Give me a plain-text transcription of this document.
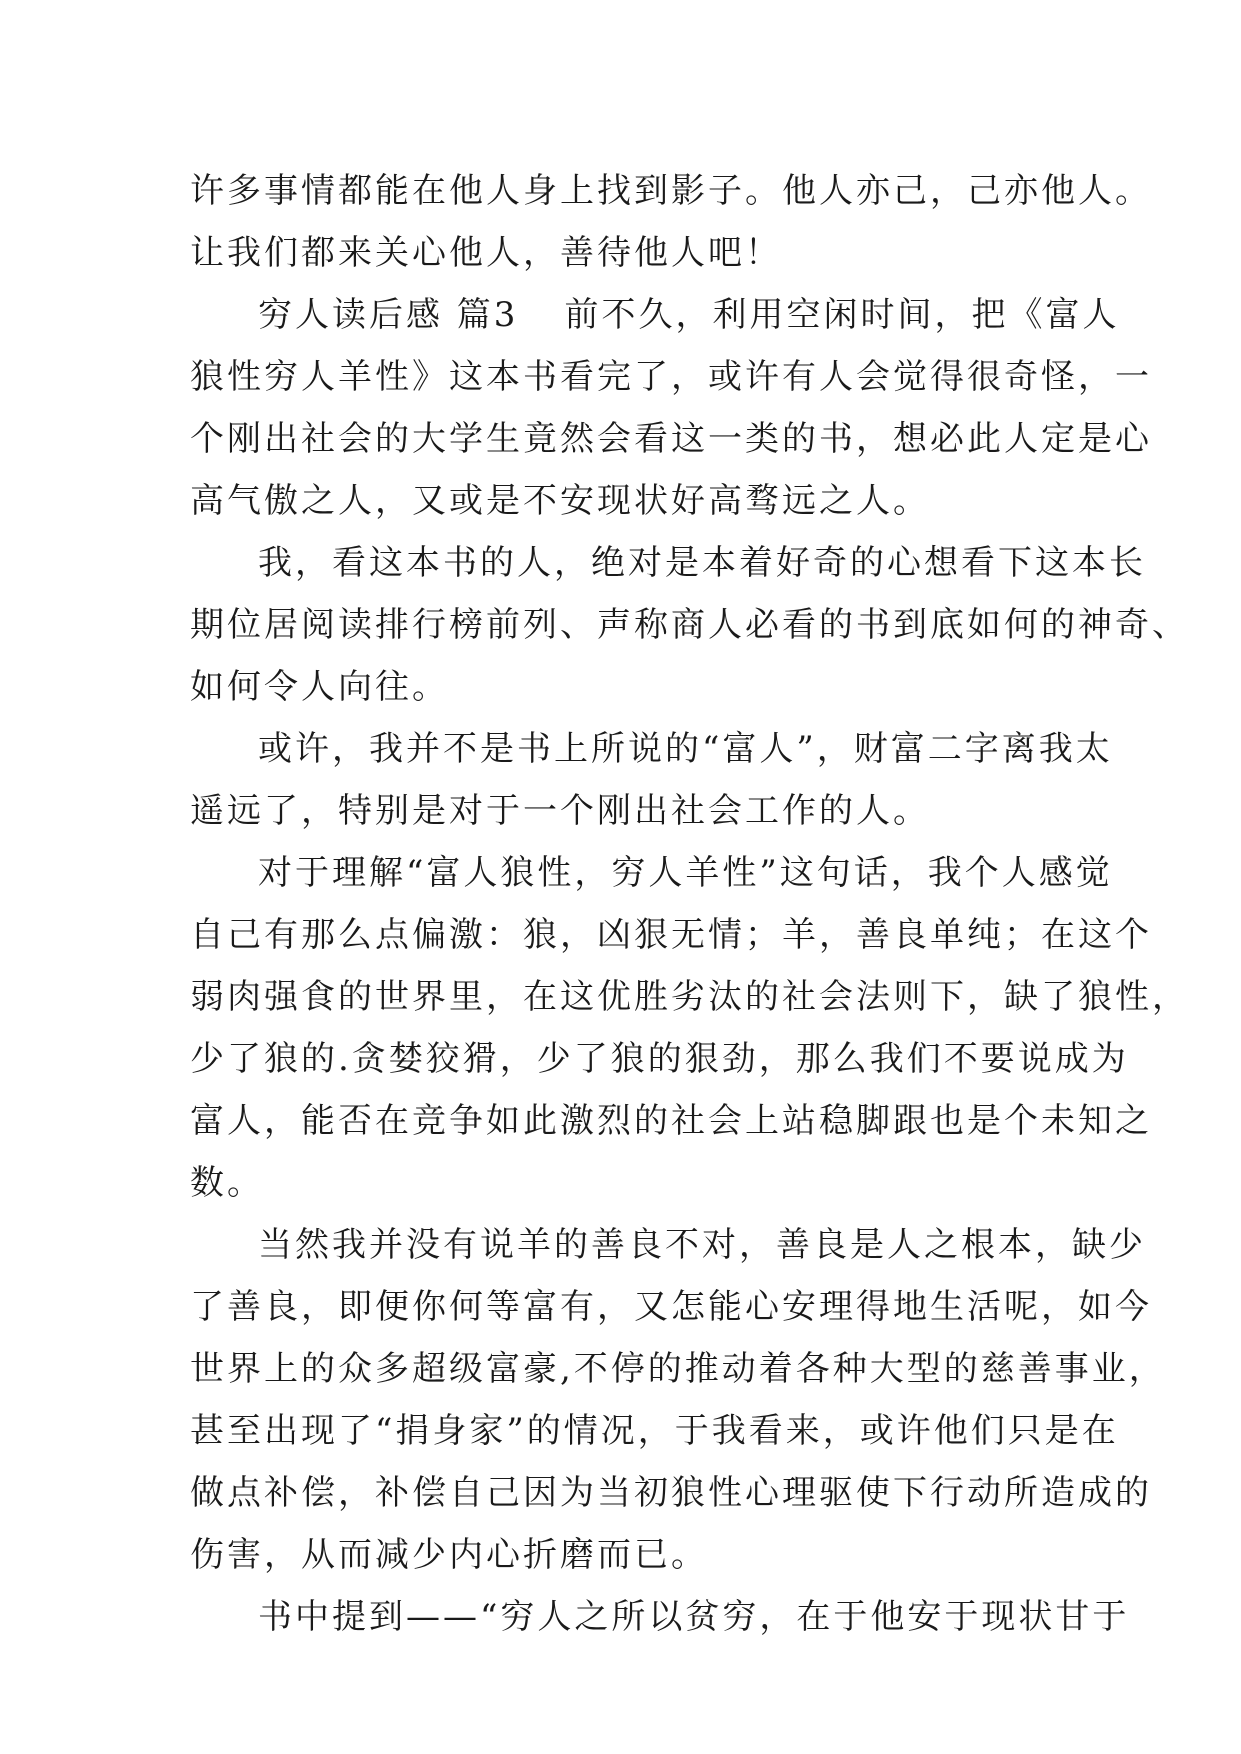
许多事情都能在他人身上找到影子。他人亦己，己亦他人。
让我们都来关心他人，善待他人吧！
穷人读后感 篇3 前不久，利用空闲时间，把《富人
狼性穷人羊性》这本书看完了，或许有人会觉得很奇怪，一
个刚出社会的大学生竟然会看这一类的书，想必此人定是心
高气傲之人，又或是不安现状好高骛远之人。
我，看这本书的人，绝对是本着好奇的心想看下这本长
期位居阅读排行榜前列、声称商人必看的书到底如何的神奇、
如何令人向往。
或许，我并不是书上所说的“富人”，财富二字离我太
遥远了，特别是对于一个刚出社会工作的人。
对于理解“富人狼性，穷人羊性”这句话，我个人感觉
自己有那么点偏激：狼，凶狠无情；羊，善良单纯；在这个
弱肉强食的世界里，在这优胜劣汰的社会法则下，缺了狼性，
少了狼的.贪婪狡猾，少了狼的狠劲，那么我们不要说成为
富人，能否在竞争如此激烈的社会上站稳脚跟也是个未知之
数。
当然我并没有说羊的善良不对，善良是人之根本，缺少
了善良，即便你何等富有，又怎能心安理得地生活呢，如今
世界上的众多超级富豪,不停的推动着各种大型的慈善事业，
甚至出现了“捐身家”的情况，于我看来，或许他们只是在
做点补偿，补偿自己因为当初狼性心理驱使下行动所造成的
伤害，从而减少内心折磨而已。
书中提到——“穷人之所以贫穷，在于他安于现状甘于
